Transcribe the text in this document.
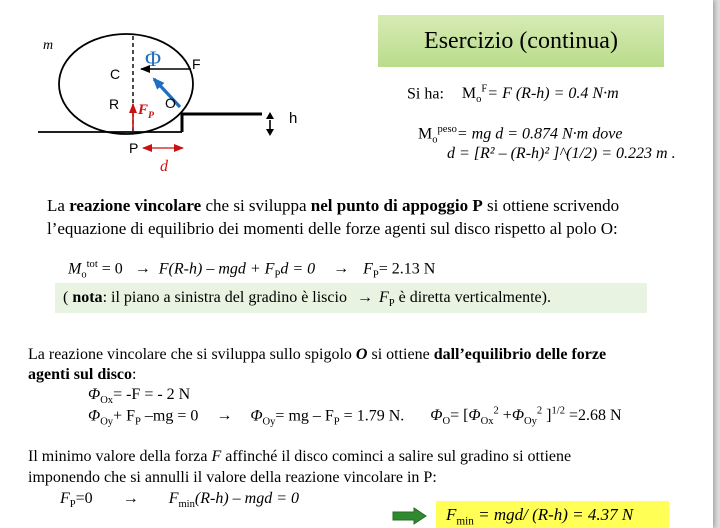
Esercizio (continua)
m
C
R
Φ F
$F_P$
O
h
P
d
Si ha: $M_o^F= F$ (R-h) = 0.4 N·m
$M_o^{peso}=$ mg d = 0.874 N·m dove
d = [R² – (R-h)² ]^(1/2) = 0.223 m .
La reazione vincolare che si sviluppa nel punto di appoggio P si ottiene scrivendo
l’equazione di equilibrio dei momenti delle forze agenti sul disco rispetto al polo O:
$M_o^{tot} = 0 \to F(R-h)$ – mgd + $F_Pd = 0 \to F_P= 2.13$ N
( nota: il piano a sinistra del gradino è liscio → $F_P$ è diretta verticalmente).
La reazione vincolare che si sviluppa sullo spigolo O si ottiene dall’equilibrio delle forze
agenti sul disco:
$\Phi_{Ox}= -F$ = - 2 N
$\Phi_{Oy}+ F_P$ $-mg = 0 \to \Phi_{Oy}=$ mg – $F_P = 1.79$ N. $\Phi_O= [\Phi_{Ox}^2 +\Phi_{Oy}^2$ ]$^{1/2}$ =2.68 N
Il minimo valore della forza F affinché il disco cominci a salire sul gradino si ottiene
imponendo che si annulli il valore della reazione vincolare in P:
$F_P=0 \to F_{min}(R-h)$ – mgd = 0
$F_{min} = mgd/$ (R-h) = 4.37 N
